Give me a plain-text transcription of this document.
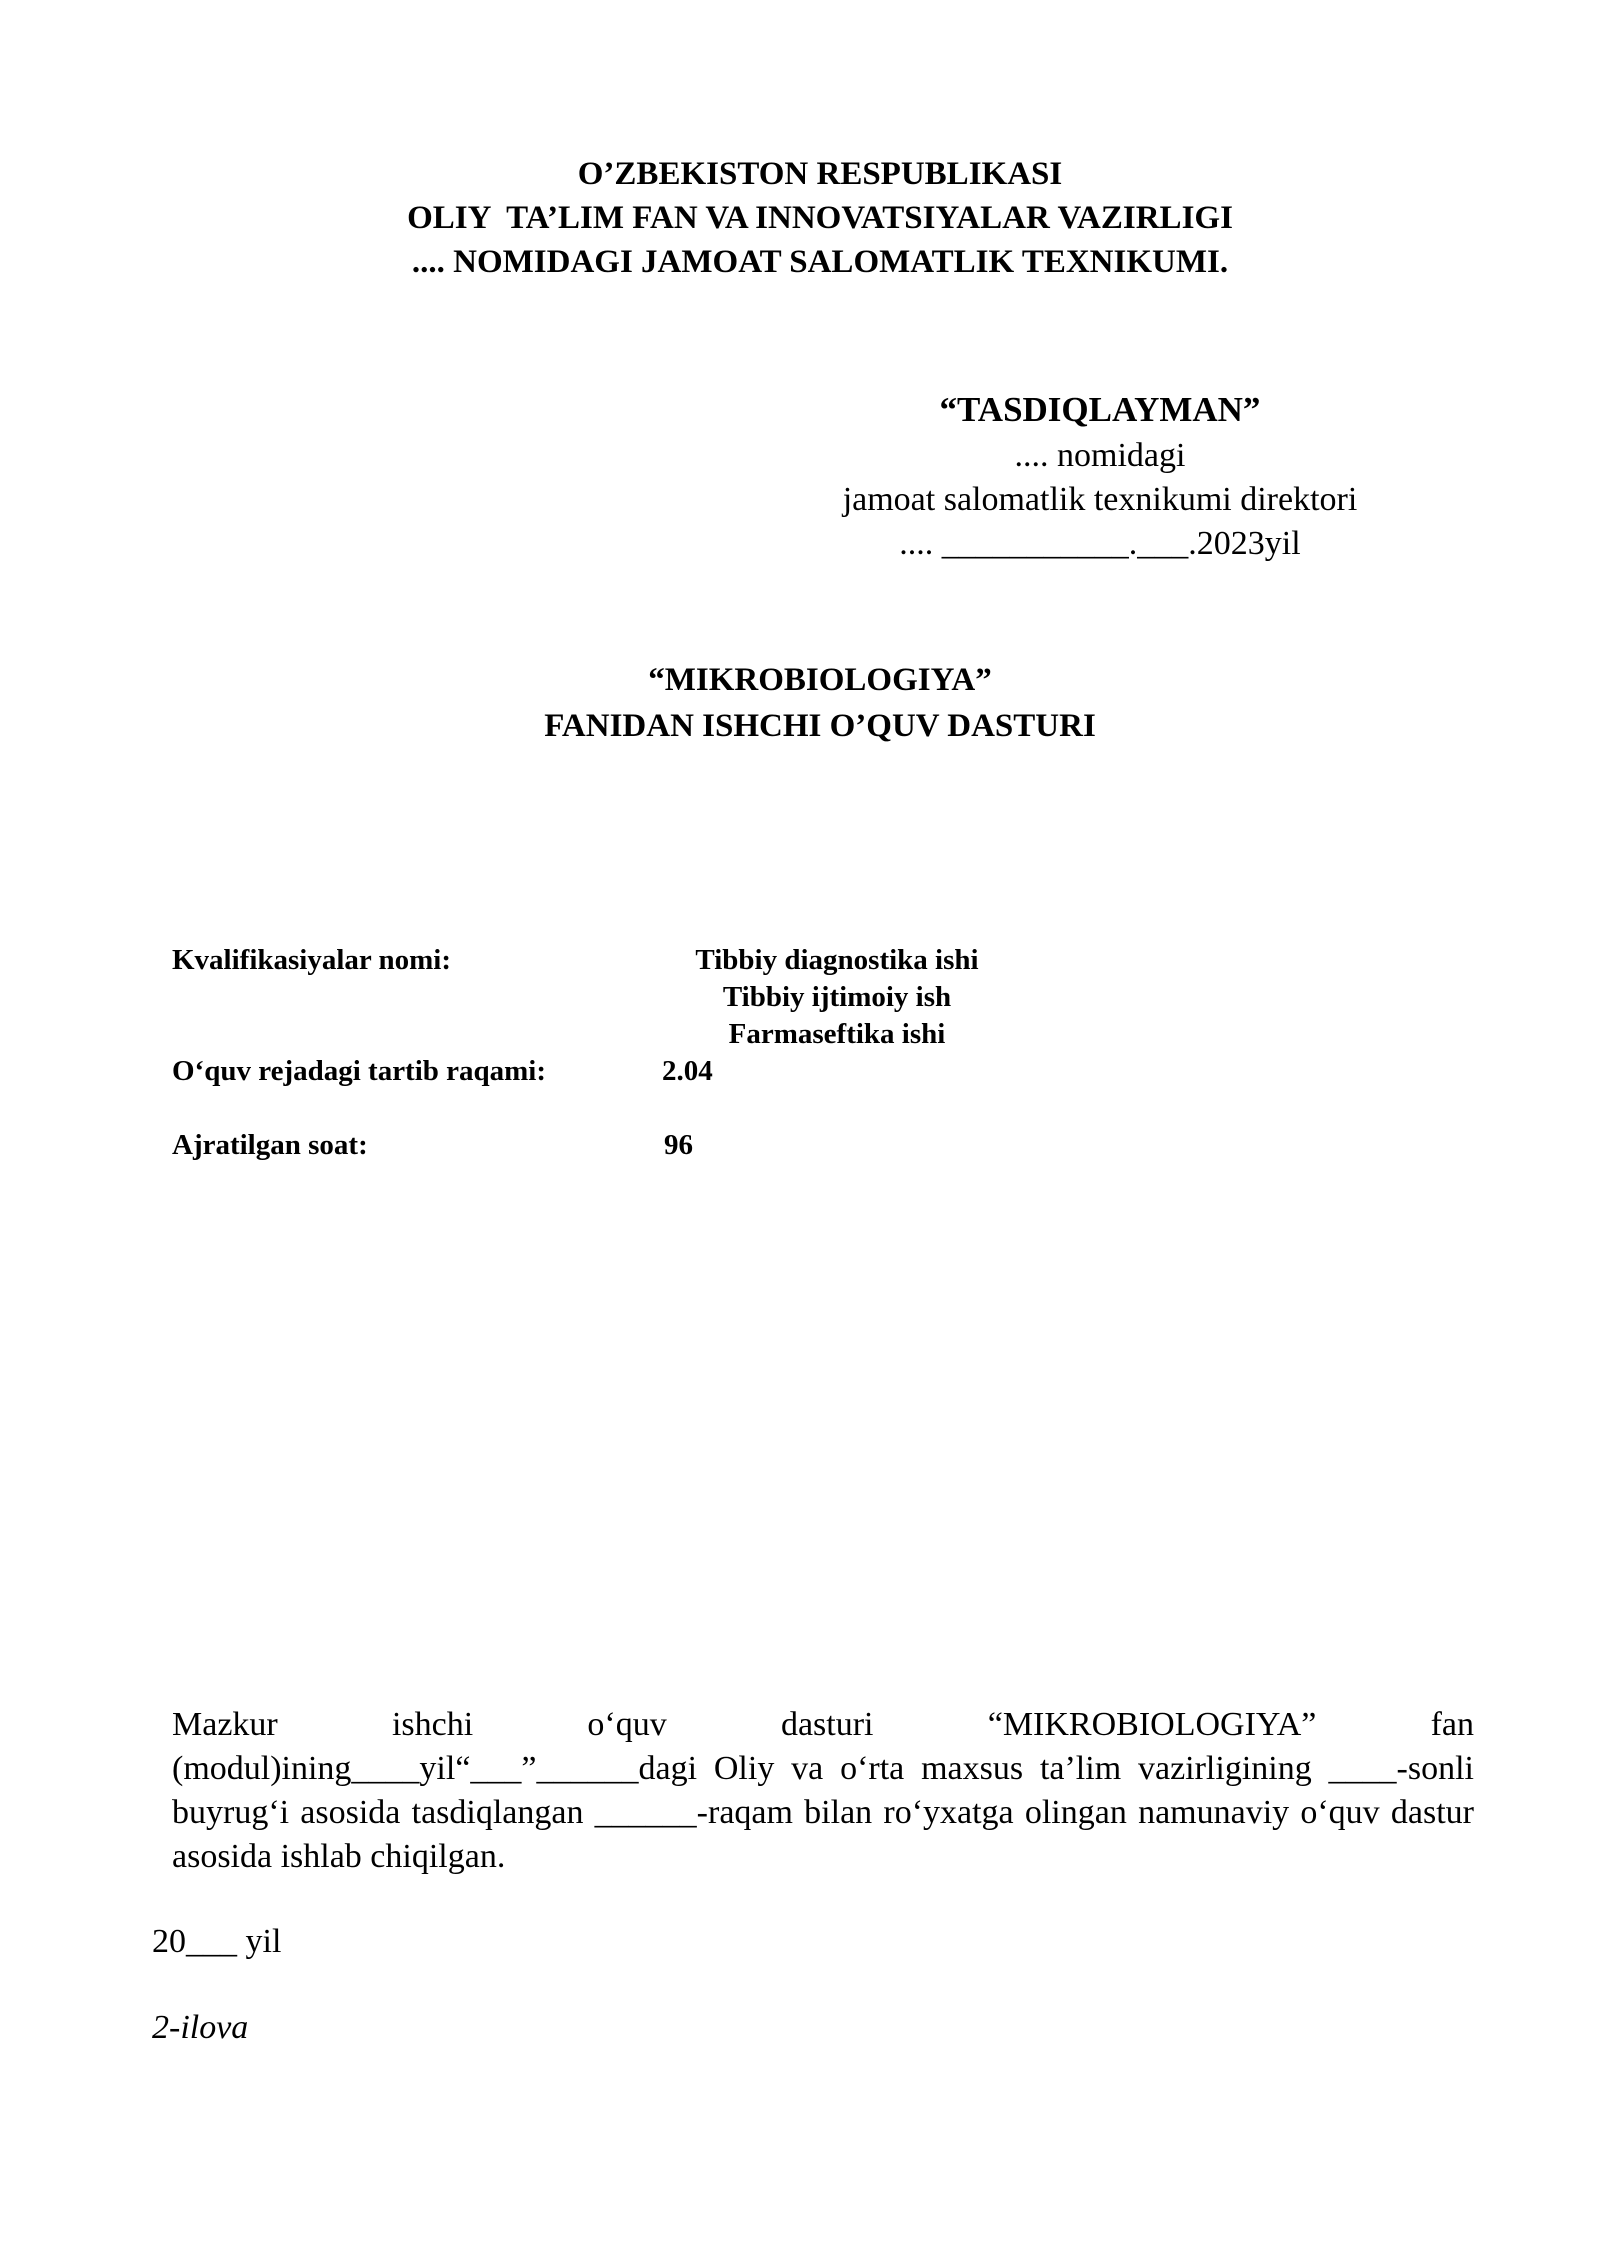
O’ZBEKISTON RESPUBLIKASI
OLIY  TA’LIM FAN VA INNOVATSIYALAR VAZIRLIGI
.... NOMIDAGI JAMOAT SALOMATLIK TEXNIKUMI.
“TASDIQLAYMAN”
.... nomidagi
jamoat salomatlik texnikumi direktori
.... ___________.___.2023yil
“MIKROBIOLOGIYA”
FANIDAN ISHCHI O’QUV DASTURI
Kvalifikasiyalar nomi:	Tibbiy diagnostika ishi
Tibbiy ijtimoiy ish
Farmaseftika ishi
O‘quv rejadagi tartib raqami:	2.04
Ajratilgan soat:	96
Mazkur ishchi o‘quv dasturi “MIKROBIOLOGIYA” fan (modul)ining____yil“___”______dagi Oliy va o‘rta maxsus ta’lim vazirligining ____-sonli buyrug‘i asosida tasdiqlangan ______-raqam bilan ro‘yxatga olingan namunaviy o‘quv dastur asosida ishlab chiqilgan.
20___ yil
2-ilova
